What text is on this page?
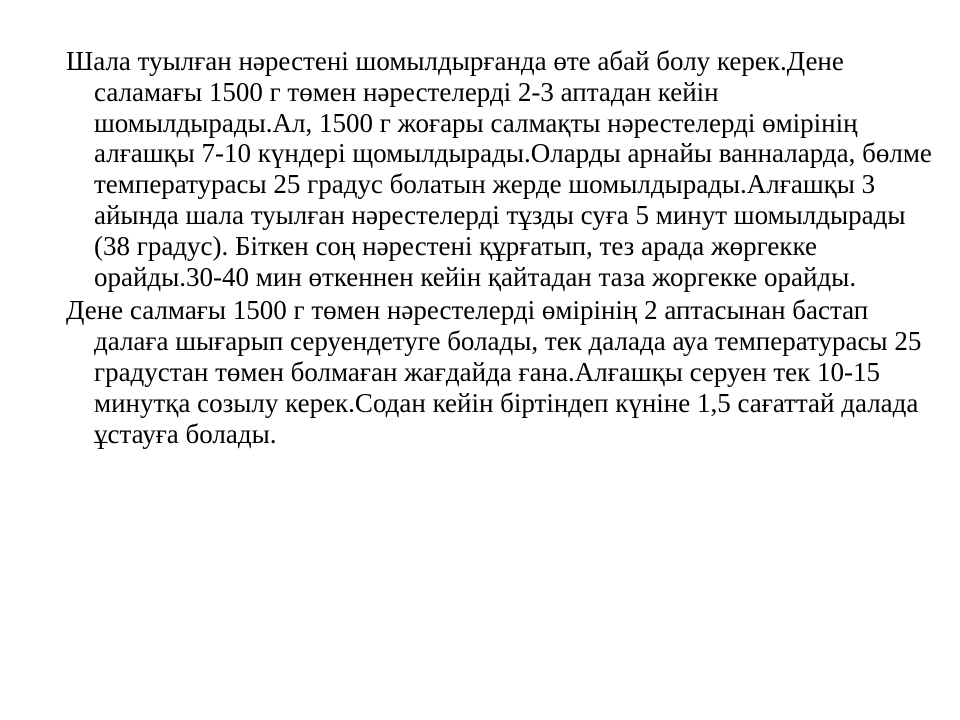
Шала туылған нәрестені шомылдырғанда өте абай болу керек.Дене саламағы 1500 г төмен нәрестелерді 2-3 аптадан кейін шомылдырады.Ал, 1500 г жоғары салмақты нәрестелерді өмірінің алғашқы 7-10 күндері щомылдырады.Оларды арнайы ванналарда, бөлме температурасы 25 градус болатын жерде шомылдырады.Алғашқы 3 айында шала туылған нәрестелерді тұзды суға 5 минут шомылдырады (38 градус). Біткен соң нәрестені құрғатып, тез арада жөргекке орайды.30-40 мин өткеннен кейін қайтадан таза жоргекке орайды.

Дене салмағы 1500 г төмен нәрестелерді өмірінің 2 аптасынан бастап далаға шығарып серуендетуге болады, тек далада ауа температурасы 25 градустан төмен болмаған жағдайда ғана.Алғашқы серуен тек 10-15 минутқа созылу керек.Содан кейін біртіндеп күніне 1,5 сағаттай далада ұстауға болады.
